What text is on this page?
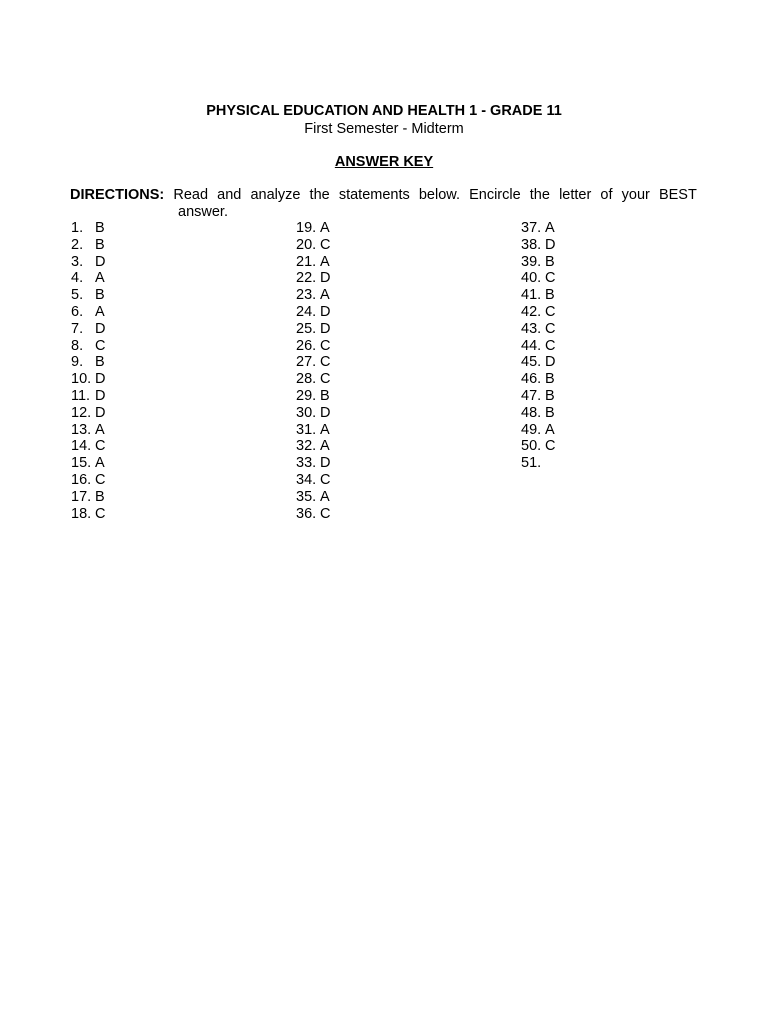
PHYSICAL EDUCATION AND HEALTH 1 - GRADE 11
First Semester - Midterm
ANSWER KEY
DIRECTIONS: Read and analyze the statements below. Encircle the letter of your BEST
answer.
1. B
2. B
3. D
4. A
5. B
6. A
7. D
8. C
9. B
10. D
11. D
12. D
13. A
14. C
15. A
16. C
17. B
18. C
19. A
20. C
21. A
22. D
23. A
24. D
25. D
26. C
27. C
28. C
29. B
30. D
31. A
32. A
33. D
34. C
35. A
36. C
37. A
38. D
39. B
40. C
41. B
42. C
43. C
44. C
45. D
46. B
47. B
48. B
49. A
50. C
51.
